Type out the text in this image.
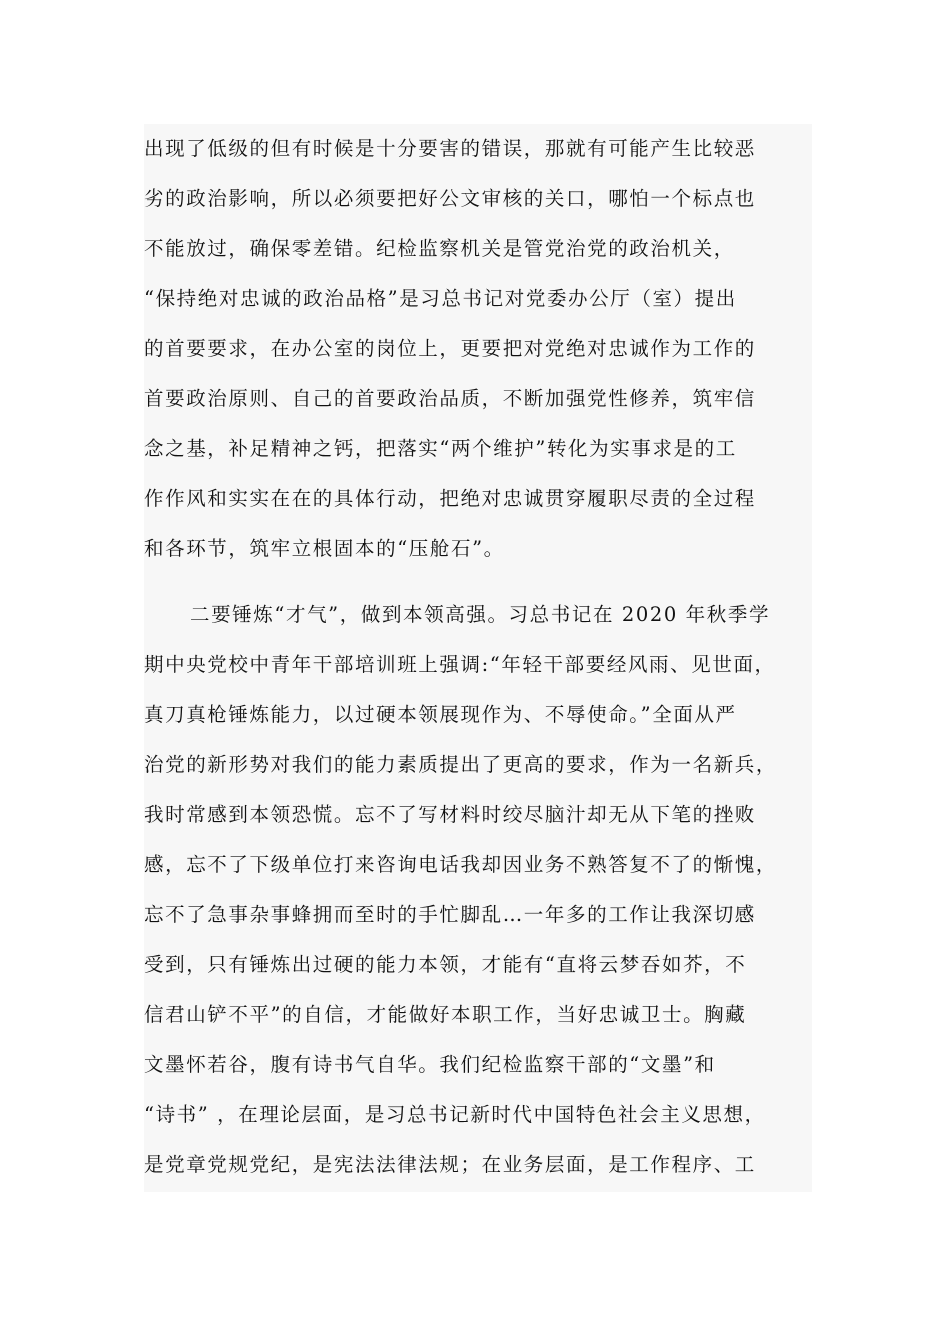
出现了低级的但有时候是十分要害的错误，那就有可能产生比较恶
劣的政治影响，所以必须要把好公文审核的关口，哪怕一个标点也
不能放过，确保零差错。纪检监察机关是管党治党的政治机关，
“保持绝对忠诚的政治品格”是习总书记对党委办公厅（室）提出
的首要要求，在办公室的岗位上，更要把对党绝对忠诚作为工作的
首要政治原则、自己的首要政治品质，不断加强党性修养，筑牢信
念之基，补足精神之钙，把落实“两个维护”转化为实事求是的工
作作风和实实在在的具体行动，把绝对忠诚贯穿履职尽责的全过程
和各环节，筑牢立根固本的“压舱石”。
二要锤炼“才气”，做到本领高强。习总书记在 2020 年秋季学
期中央党校中青年干部培训班上强调:“年轻干部要经风雨、见世面，
真刀真枪锤炼能力，以过硬本领展现作为、不辱使命。”全面从严
治党的新形势对我们的能力素质提出了更高的要求，作为一名新兵，
我时常感到本领恐慌。忘不了写材料时绞尽脑汁却无从下笔的挫败
感，忘不了下级单位打来咨询电话我却因业务不熟答复不了的惭愧，
忘不了急事杂事蜂拥而至时的手忙脚乱…一年多的工作让我深切感
受到，只有锤炼出过硬的能力本领，才能有“直将云梦吞如芥，不
信君山铲不平”的自信，才能做好本职工作，当好忠诚卫士。胸藏
文墨怀若谷，腹有诗书气自华。我们纪检监察干部的“文墨”和
“诗书” ，在理论层面，是习总书记新时代中国特色社会主义思想，
是党章党规党纪，是宪法法律法规；在业务层面，是工作程序、工
